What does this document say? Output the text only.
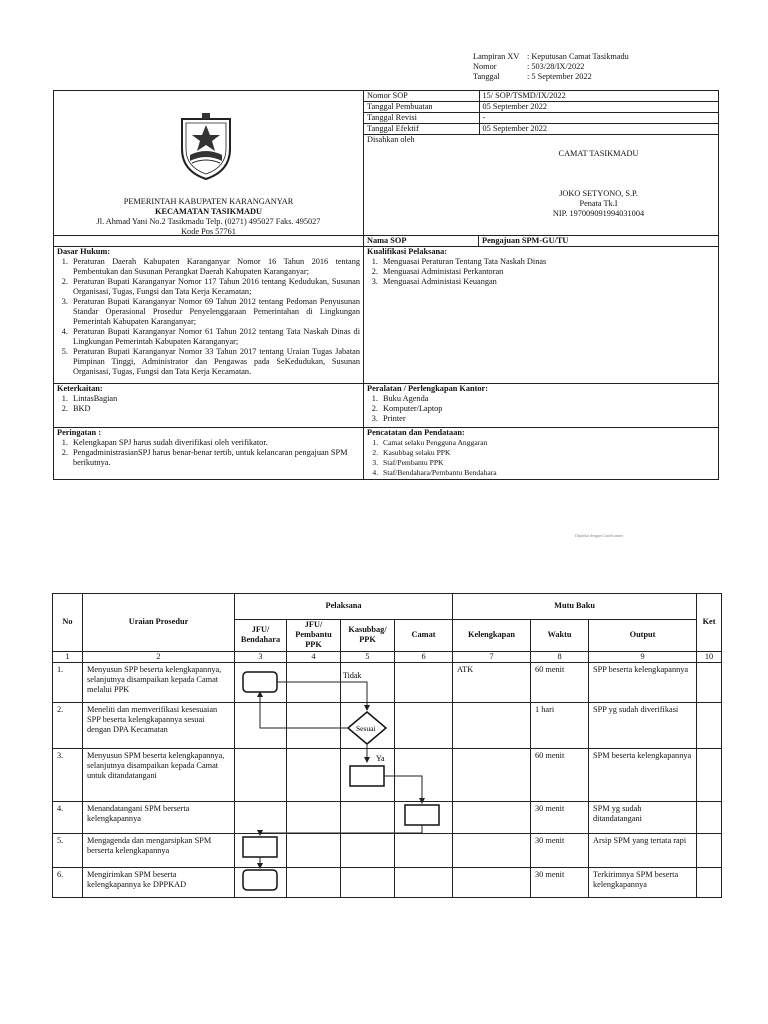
Lampiran XV : Keputusan Camat Tasikmadu
Nomor	: 503/28/IX/2022
Tanggal	: 5 September 2022
PEMERINTAH KABUPATEN KARANGANYAR
KECAMATAN TASIKMADU
Jl. Ahmad Yani No.2 Tasikmadu Telp. (0271) 495027 Faks. 495027
Kode Pos 57761

Nomor SOP	15/ SOP/TSMD/IX/2022
Tanggal Pembuatan	05 September 2022
Tanggal Revisi	-
Tanggal Efektif	05 September 2022

Disahkan oleh
CAMAT TASIKMADU
JOKO SETYONO, S.P.
Penata Tk.I
NIP. 197009091994031004

	Nama SOP	Pengajuan SPM-GU/TU

Dasar Hukum:
1. Peraturan Daerah Kabupaten Karanganyar Nomor 16 Tahun 2016 tentang Pembentukan dan Susunan Perangkat Daerah Kabupaten Karanganyar;
2. Peraturan Bupati Karanganyar Nomor 117 Tahun 2016 tentang Kedudukan, Susunan Organisasi, Tugas, Fungsi dan Tata Kerja Kecamatan;
3. Peraturan Bupati Karanganyar Nomor 69 Tahun 2012 tentang Pedoman Penyusunan Standar Operasional Prosedur Penyelenggaraan Pemerintahan di Lingkungan Pemerintah Kabupaten Karanganyar;
4. Peraturan Bupati Karanganyar Nomor 61 Tahun 2012 tentang Tata Naskah Dinas di Lingkungan Pemerintah Kabupaten Karanganyar;
5. Peraturan Bupati Karanganyar Nomor 33 Tahun 2017 tentang Uraian Tugas Jabatan Pimpinan Tinggi, Administrator dan Pengawas pada SeKedudukan, Susunan Organisasi, Tugas, Fungsi dan Tata Kerja Kecamatan.

Kualifikasi Pelaksana:
1. Menguasai Peraturan Tentang Tata Naskah Dinas
2. Menguasai Administasi Perkantoran
3. Menguasai Administasi Keuangan

Keterkaitan:
1. LintasBagian
2. BKD

Peralatan / Perlengkapan Kantor:
1. Buku Agenda
2. Komputer/Laptop
3. Printer

Peringatan :
1. Kelengkapan SPJ harus sudah diverifikasi oleh verifikator.
2. PengadministrasianSPJ harus benar-benar tertib, untuk kelancaran pengajuan SPM berikutnya.

Pencatatan dan Pendataan:
1. Camat selaku Pengguna Anggaran
2. Kasubbag selaku PPK
3. Staf/Pembantu PPK
4. Staf/Bendahara/Pembantu Bendahara
Dipindai dengan CamScanner
No	Uraian Prosedur	Pelaksana				Mutu Baku			Ket
		JFU/ Bendahara	JFU/ Pembantu PPK	Kasubbag/ PPK	Camat	Kelengkapan	Waktu	Output	
1	2	3	4	5	6	7	8	9	10
1.	Menyusun SPP beserta kelengkapannya, selanjutnya disampaikan kepada Camat melalui PPK					ATK	60 menit	SPP beserta kelengkapannya	
2.	Meneliti dan memverifikasi kesesuaian SPP beserta kelengkapannya sesuai dengan DPA Kecamatan						1 hari	SPP yg sudah diverifikasi	
3.	Menyusun SPM beserta kelengkapannya, selanjutnya disampaikan kepada Camat untuk ditandatangani						60 menit	SPM beserta kelengkapannya	
4.	Menandatangani SPM berserta kelengkapannya						30 menit	SPM yg sudah ditandatangani	
5.	Mengagenda dan mengarsipkan SPM berserta kelengkapannya						30 menit	Arsip SPM yang tertata rapi	
6.	Mengirimkan SPM beserta kelengkapannya ke DPPKAD						30 menit	Terkirimnya SPM beserta kelengkapannya	
Tidak
Sesuai
Ya
